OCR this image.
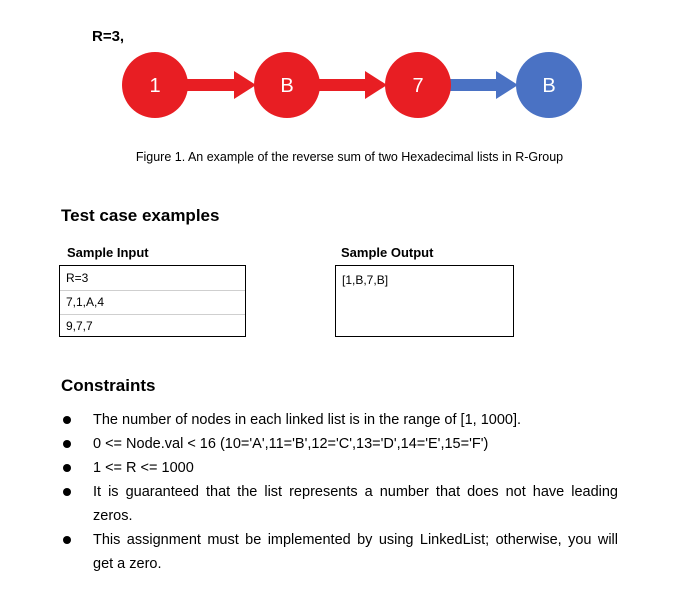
R=3,
1	B	7	B
Figure 1. An example of the reverse sum of two Hexadecimal lists in R-Group
Test case examples
Sample Input	Sample Output
R=3
7,1,A,4
9,7,7
[1,B,7,B]
Constraints
The number of nodes in each linked list is in the range of [1, 1000].
0 <= Node.val < 16 (10='A',11='B',12='C',13='D',14='E',15='F')
1 <= R <= 1000
It is guaranteed that the list represents a number that does not have leading zeros.
This assignment must be implemented by using LinkedList; otherwise, you will get a zero.
